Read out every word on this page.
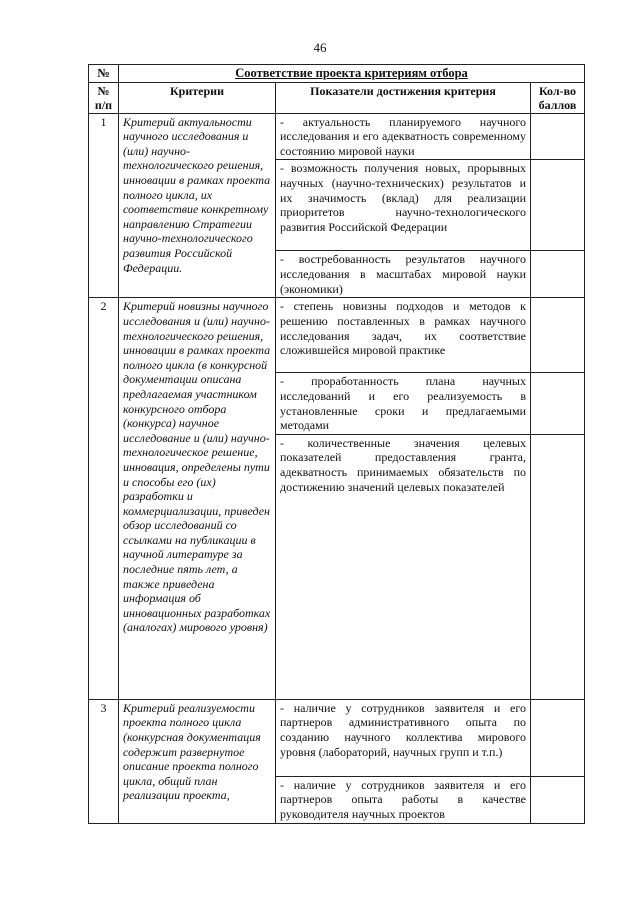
46
№	Соответствие проекта критериям отбора		
№
п/п	Критерии	Показатели достижения критерия	Кол-во баллов
1	Критерий актуальности научного исследования и (или) научно-технологического решения, инновации в рамках проекта полного цикла, их соответствие конкретному направлению Стратегии научно-технологического развития Российской Федерации.	- актуальность планируемого научного исследования и его адекватность современному состоянию мировой науки	
		- возможность получения новых, прорывных научных (научно-технических) результатов и их значимость (вклад) для реализации приоритетов научно-технологического развития Российской Федерации	
		- востребованность результатов научного исследования в масштабах мировой науки (экономики)	
2	Критерий новизны научного исследования и (или) научно-технологического решения, инновации в рамках проекта полного цикла (в конкурсной документации описана предлагаемая участником конкурсного отбора (конкурса) научное исследование и (или) научно-технологическое решение, инновация, определены пути и способы его (их) разработки и коммерциализации, приведен обзор исследований со ссылками на публикации в научной литературе за последние пять лет, а также приведена информация об инновационных разработках (аналогах) мирового уровня)	- степень новизны подходов и методов к решению поставленных в рамках научного исследования задач, их соответствие сложившейся мировой практике	
		- проработанность плана научных исследований и его реализуемость в установленные сроки и предлагаемыми методами	
		- количественные значения целевых показателей предоставления гранта, адекватность принимаемых обязательств по достижению значений целевых показателей	
3	Критерий реализуемости проекта полного цикла (конкурсная документация содержит развернутое описание проекта полного цикла, общий план реализации проекта,	- наличие у сотрудников заявителя и его партнеров административного опыта по созданию научного коллектива мирового уровня (лабораторий, научных групп и т.п.)	
		- наличие у сотрудников заявителя и его партнеров опыта работы в качестве руководителя научных проектов	
